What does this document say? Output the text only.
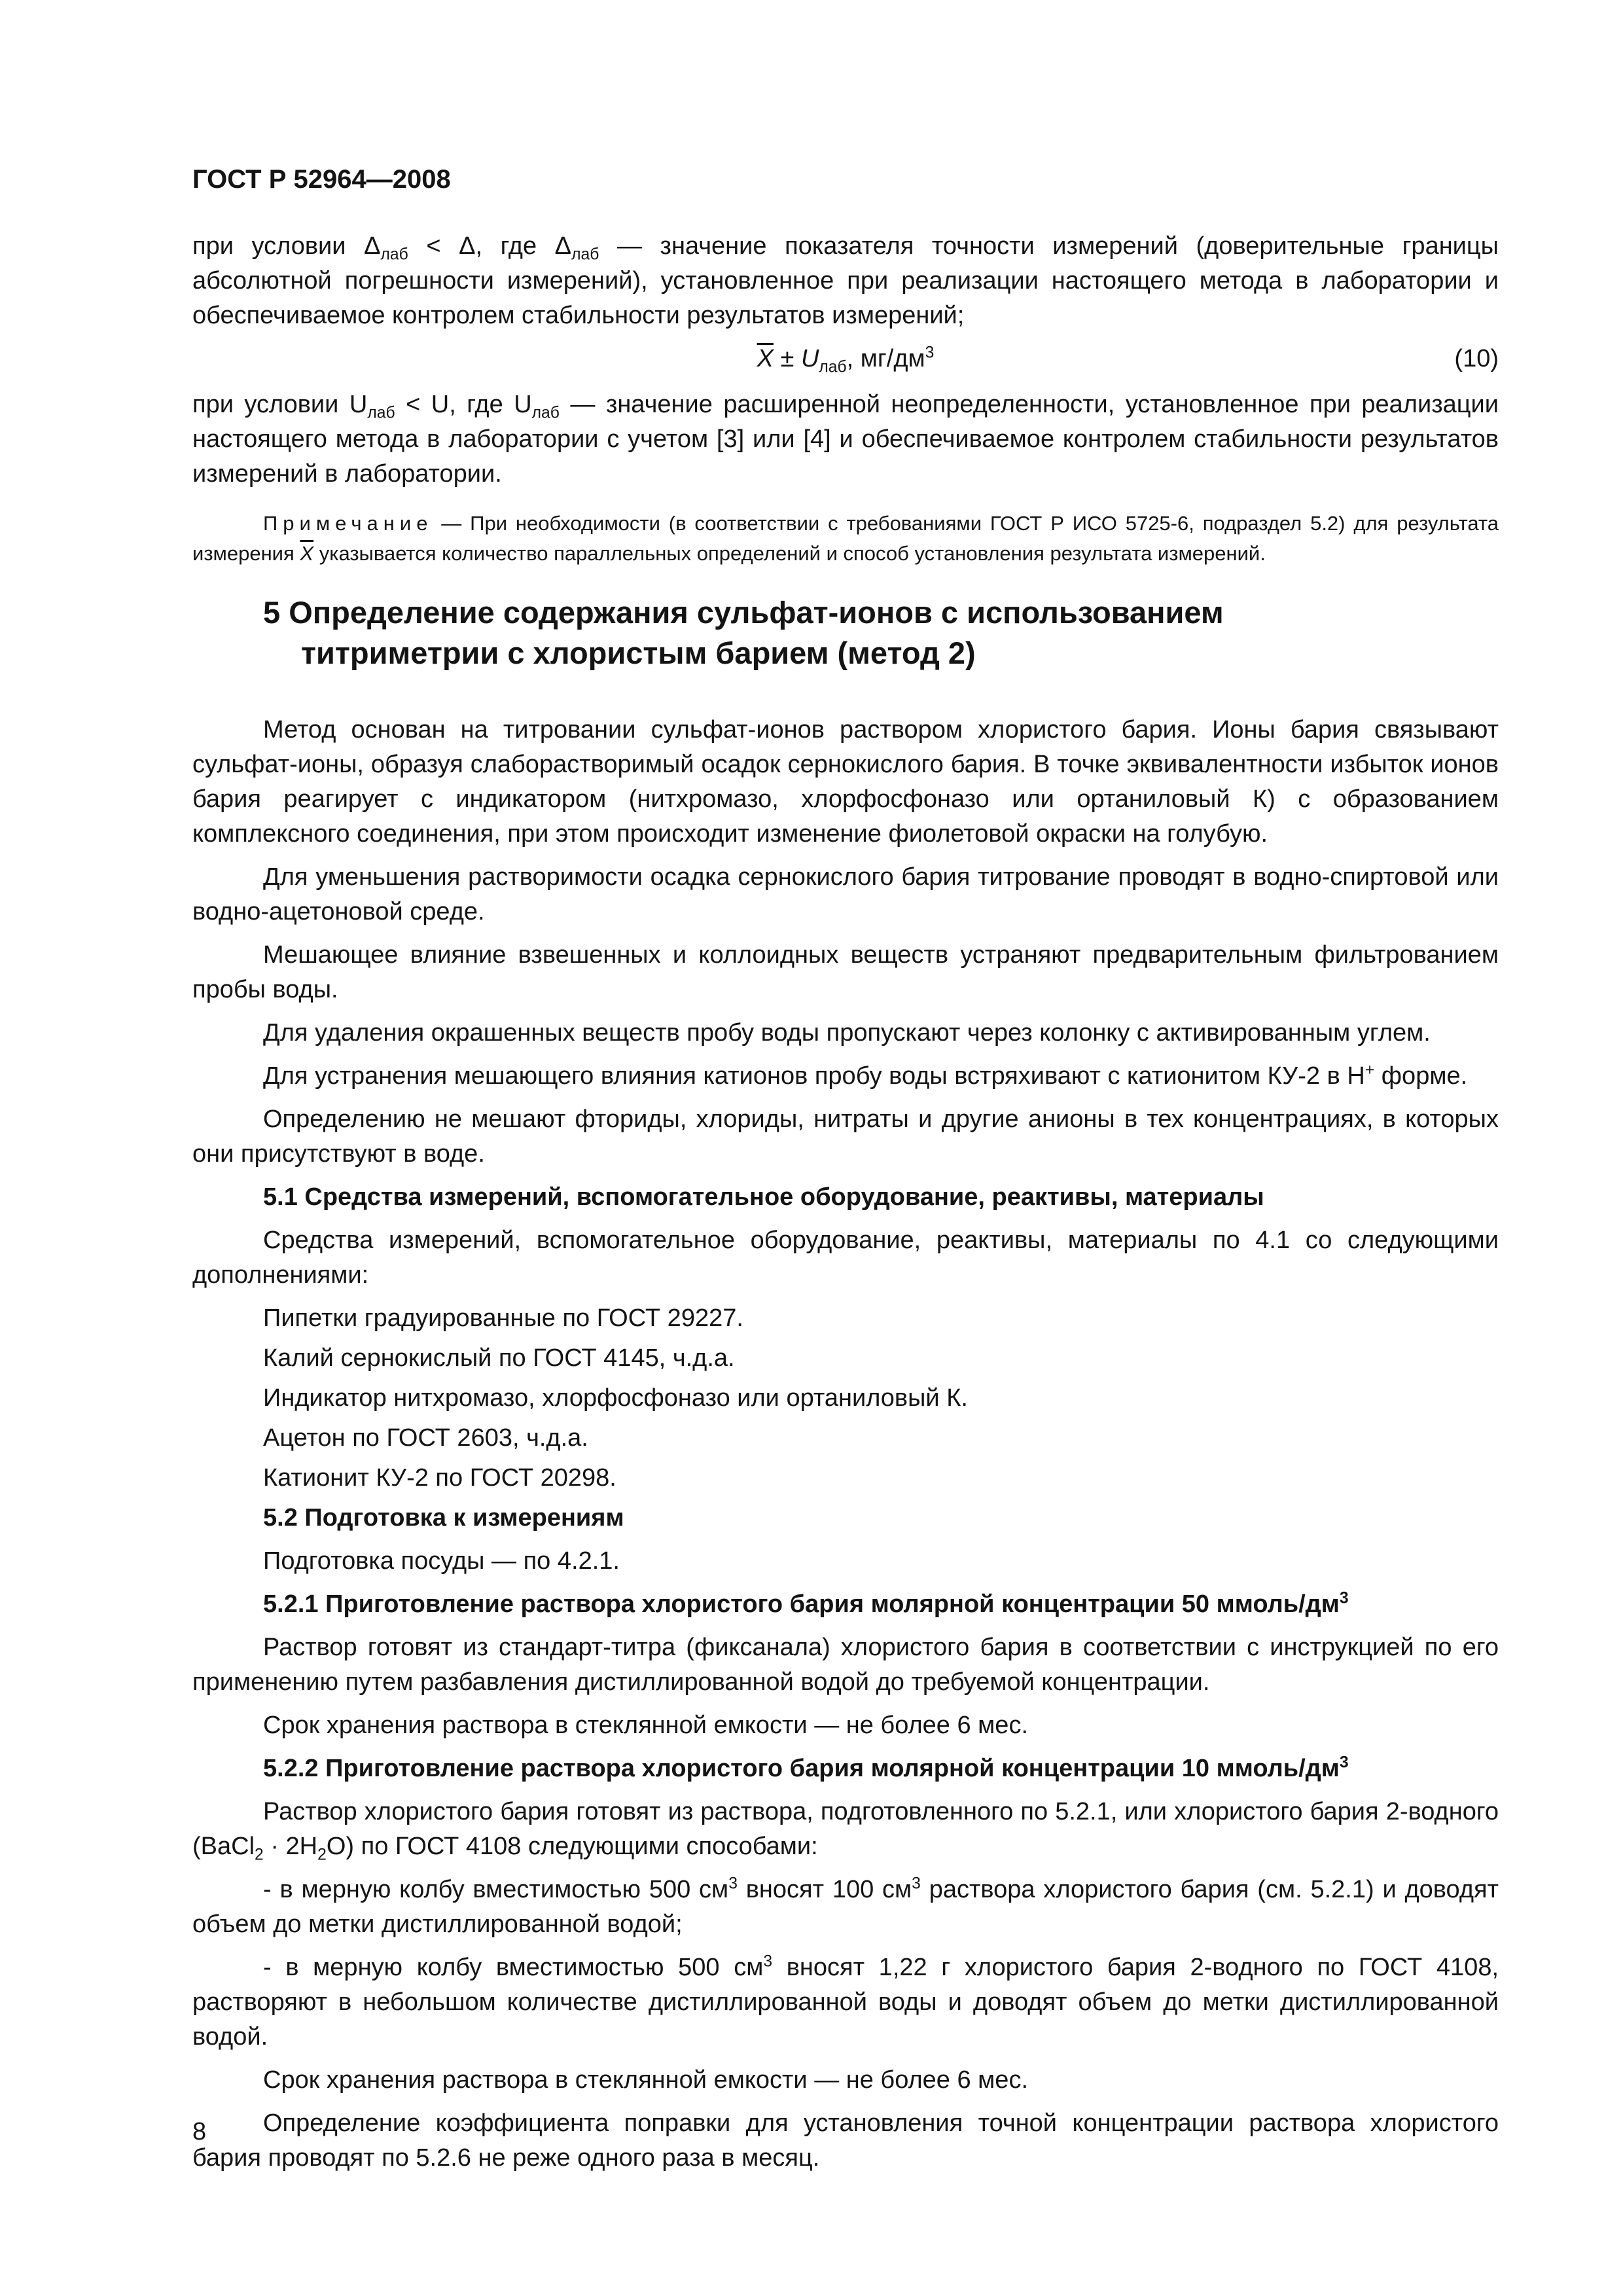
ГОСТ Р 52964—2008

при условии $\Delta_{лаб} < \Delta$, где $\Delta_{лаб}$ — значение показателя точности измерений (доверительные границы абсолютной погрешности измерений), установленное при реализации настоящего метода в лаборатории и обеспечиваемое контролем стабильности результатов измерений;

$\overline{X} \pm U_{лаб}$, $мг/дм^3$	(10)

при условии $U_{лаб} < U$, где $U_{лаб}$ — значение расширенной неопределенности, установленное при реализации настоящего метода в лаборатории с учетом [3] или [4] и обеспечиваемое контролем стабильности результатов измерений в лаборатории.

Примечание — При необходимости (в соответствии с требованиями ГОСТ Р ИСО 5725-6, подраздел 5.2) для результата измерения $\overline{X}$ указывается количество параллельных определений и способ установления результата измерений.

5 Определение содержания сульфат-ионов с использованием
титриметрии с хлористым барием (метод 2)

Метод основан на титровании сульфат-ионов раствором хлористого бария. Ионы бария связывают сульфат-ионы, образуя слаборастворимый осадок сернокислого бария. В точке эквивалентности избыток ионов бария реагирует с индикатором (нитхромазо, хлорфосфоназо или ортаниловый К) с образованием комплексного соединения, при этом происходит изменение фиолетовой окраски на голубую.

Для уменьшения растворимости осадка сернокислого бария титрование проводят в водно-спиртовой или водно-ацетоновой среде.

Мешающее влияние взвешенных и коллоидных веществ устраняют предварительным фильтрованием пробы воды.

Для удаления окрашенных веществ пробу воды пропускают через колонку с активированным углем.

Для устранения мешающего влияния катионов пробу воды встряхивают с катионитом КУ-2 в Н+ форме.

Определению не мешают фториды, хлориды, нитраты и другие анионы в тех концентрациях, в которых они присутствуют в воде.

5.1 Средства измерений, вспомогательное оборудование, реактивы, материалы

Средства измерений, вспомогательное оборудование, реактивы, материалы по 4.1 со следующими дополнениями:

Пипетки градуированные по ГОСТ 29227.

Калий сернокислый по ГОСТ 4145, ч.д.а.

Индикатор нитхромазо, хлорфосфоназо или ортаниловый К.

Ацетон по ГОСТ 2603, ч.д.а.

Катионит КУ-2 по ГОСТ 20298.

5.2 Подготовка к измерениям

Подготовка посуды — по 4.2.1.

5.2.1 Приготовление раствора хлористого бария молярной концентрации 50 ммоль/$дм^3$

Раствор готовят из стандарт-титра (фиксанала) хлористого бария в соответствии с инструкцией по его применению путем разбавления дистиллированной водой до требуемой концентрации.

Срок хранения раствора в стеклянной емкости — не более 6 мес.

5.2.2 Приготовление раствора хлористого бария молярной концентрации 10 ммоль/$дм^3$

Раствор хлористого бария готовят из раствора, подготовленного по 5.2.1, или хлористого бария 2-водного (BaCl$_2$ · $2H_2O$) по ГОСТ 4108 следующими способами:

- в мерную колбу вместимостью 500 $см^3$ вносят 100 $см^3$ раствора хлористого бария (см. 5.2.1) и доводят объем до метки дистиллированной водой;

- в мерную колбу вместимостью 500 $см^3$ вносят 1,22 г хлористого бария 2-водного по ГОСТ 4108, растворяют в небольшом количестве дистиллированной воды и доводят объем до метки дистиллированной водой.

Срок хранения раствора в стеклянной емкости — не более 6 мес.

Определение коэффициента поправки для установления точной концентрации раствора хлористого бария проводят по 5.2.6 не реже одного раза в месяц.

8
